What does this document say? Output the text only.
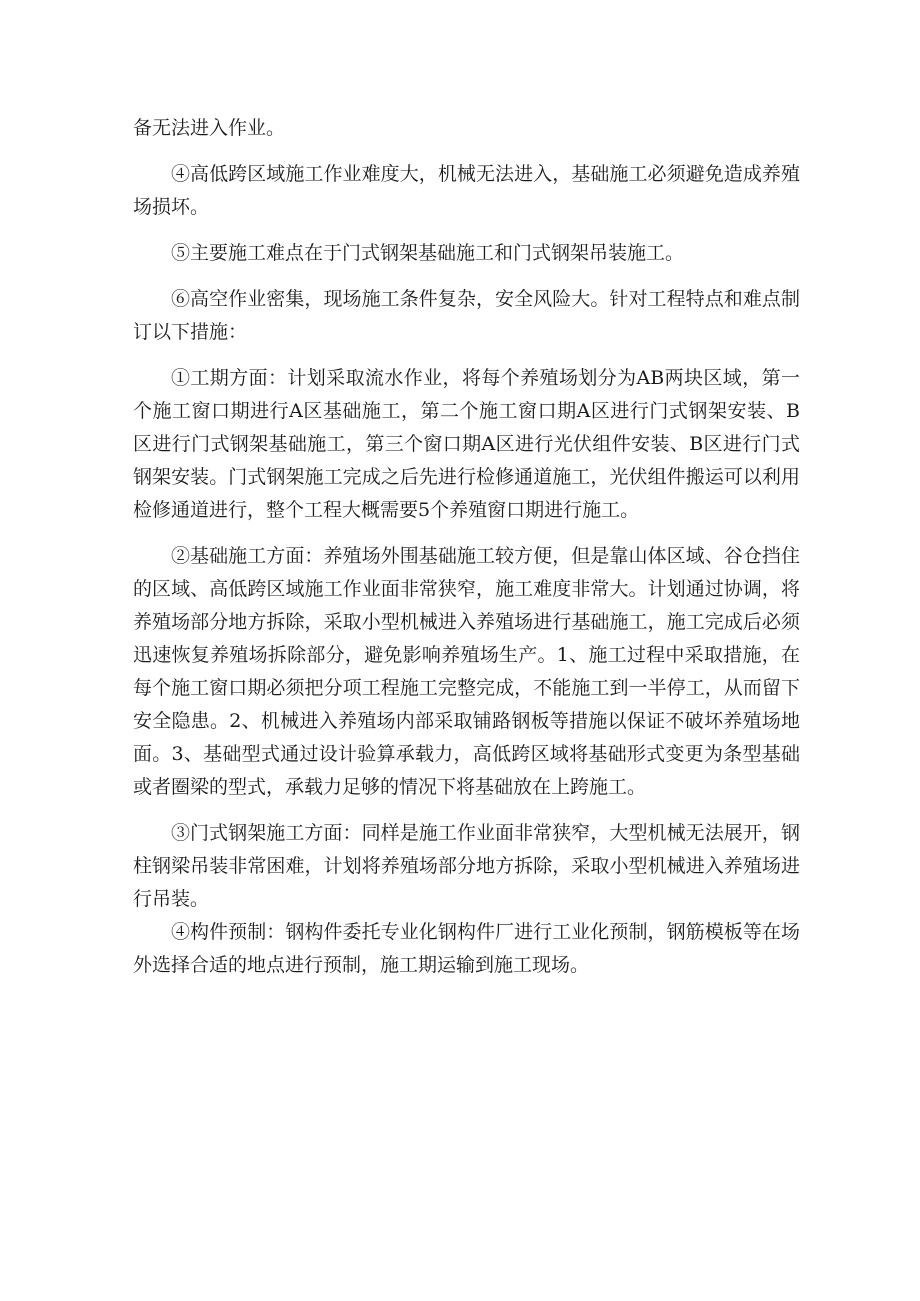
备无法进入作业。

④高低跨区域施工作业难度大，机械无法进入，基础施工必须避免造成养殖场损坏。

⑤主要施工难点在于门式钢架基础施工和门式钢架吊装施工。

⑥高空作业密集，现场施工条件复杂，安全风险大。针对工程特点和难点制订以下措施：

①工期方面：计划采取流水作业，将每个养殖场划分为AB两块区域，第一个施工窗口期进行A区基础施工，第二个施工窗口期A区进行门式钢架安装、B区进行门式钢架基础施工，第三个窗口期A区进行光伏组件安装、B区进行门式钢架安装。门式钢架施工完成之后先进行检修通道施工，光伏组件搬运可以利用检修通道进行，整个工程大概需要5个养殖窗口期进行施工。

②基础施工方面：养殖场外围基础施工较方便，但是靠山体区域、谷仓挡住的区域、高低跨区域施工作业面非常狭窄，施工难度非常大。计划通过协调，将养殖场部分地方拆除，采取小型机械进入养殖场进行基础施工，施工完成后必须迅速恢复养殖场拆除部分，避免影响养殖场生产。1、施工过程中采取措施，在每个施工窗口期必须把分项工程施工完整完成，不能施工到一半停工，从而留下安全隐患。2、机械进入养殖场内部采取铺路钢板等措施以保证不破坏养殖场地面。3、基础型式通过设计验算承载力，高低跨区域将基础形式变更为条型基础或者圈梁的型式，承载力足够的情况下将基础放在上跨施工。

③门式钢架施工方面：同样是施工作业面非常狭窄，大型机械无法展开，钢柱钢梁吊装非常困难，计划将养殖场部分地方拆除，采取小型机械进入养殖场进行吊装。

④构件预制：钢构件委托专业化钢构件厂进行工业化预制，钢筋模板等在场外选择合适的地点进行预制，施工期运输到施工现场。
